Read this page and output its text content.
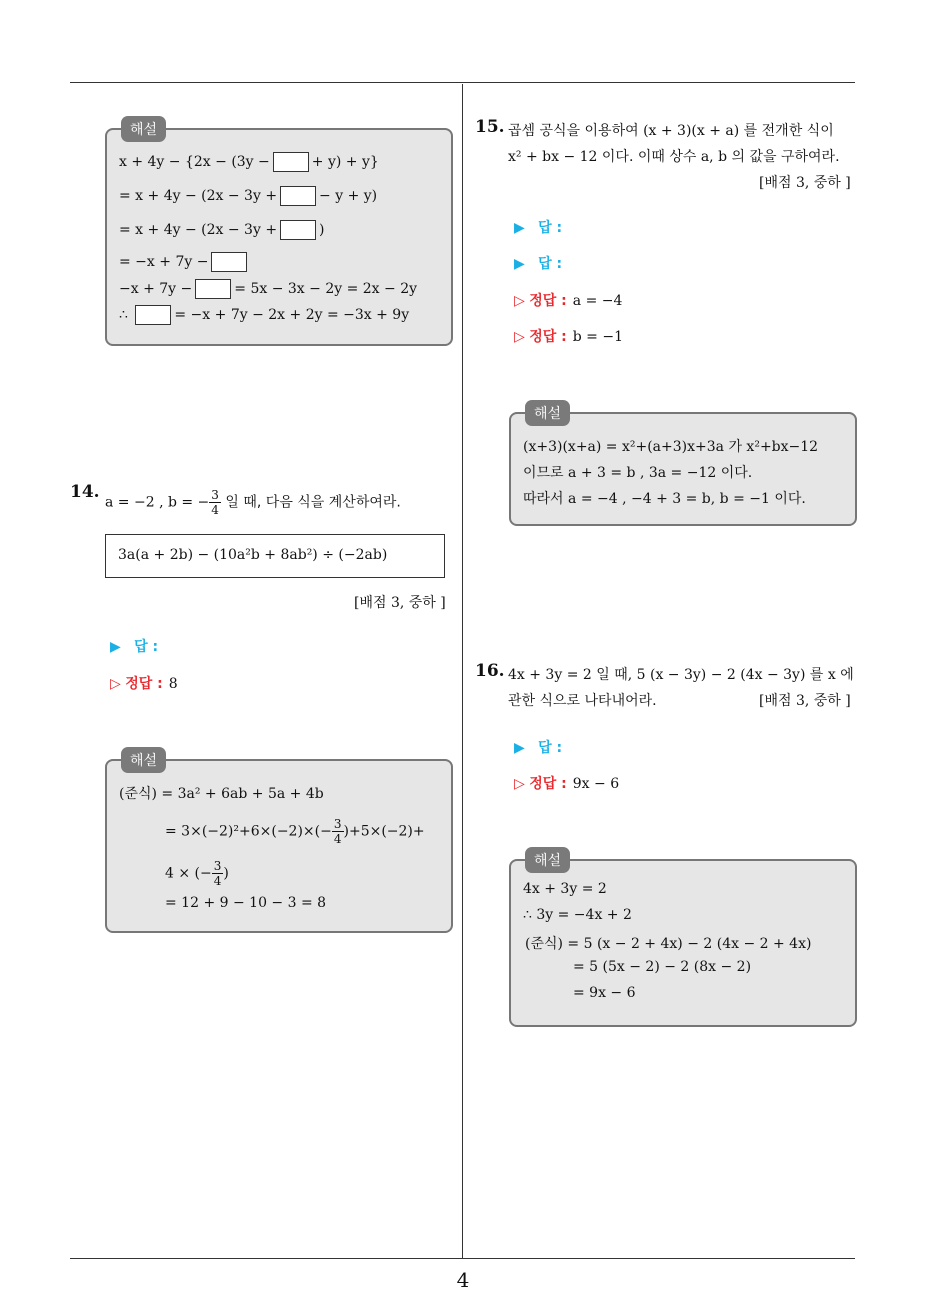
4
해설
x + 4y − {2x − (3y −	+ y) + y}
= x + 4y − (2x − 3y +	− y + y)
= x + 4y − (2x − 3y +	)
= −x + 7y −
−x + 7y −	= 5x − 3x − 2y = 2x − 2y
∴	= −x + 7y − 2x + 2y = −3x + 9y
14.
a = −2 , b = − $\frac{3}{4}$ 일 때, 다음 식을 계산하여라.
3a(a + 2b) − (10a²b + 8ab²) ÷ (−2ab)
[배점 3, 중하 ]
▶ 답 :
▷ 정답 : 8
해설
(준식) = 3a² + 6ab + 5a + 4b
= $3\times(-2)^2+6\times(-2)\times(- \frac{3}{4} )+5\times(-2)+$
4 × (− $\frac{3}{4}$ )
= 12 + 9 − 10 − 3 = 8
15. 곱셈 공식을 이용하여 (x + 3)(x + a) 를 전개한 식이
x² + bx − 12 이다. 이때 상수 a, b 의 값을 구하여라.
[배점 3, 중하 ]
▶ 답 :
▶ 답 :
▷ 정답 : a = −4
▷ 정답 : b = −1
해설
(x+3)(x+a) = x²+(a+3)x+3a 가 x²+bx−12
이므로 a + 3 = b , 3a = −12 이다.
따라서 a = −4 , −4 + 3 = b, b = −1 이다.
16. 4x + 3y = 2 일 때, 5 (x − 3y) − 2 (4x − 3y) 를 x 에
관한 식으로 나타내어라.	[배점 3, 중하 ]
▶ 답 :
▷ 정답 : 9x − 6
해설
4x + 3y = 2
∴ 3y = −4x + 2
(준식) = 5 (x − 2 + 4x) − 2 (4x − 2 + 4x)
= 5 (5x − 2) − 2 (8x − 2)
= 9x − 6
